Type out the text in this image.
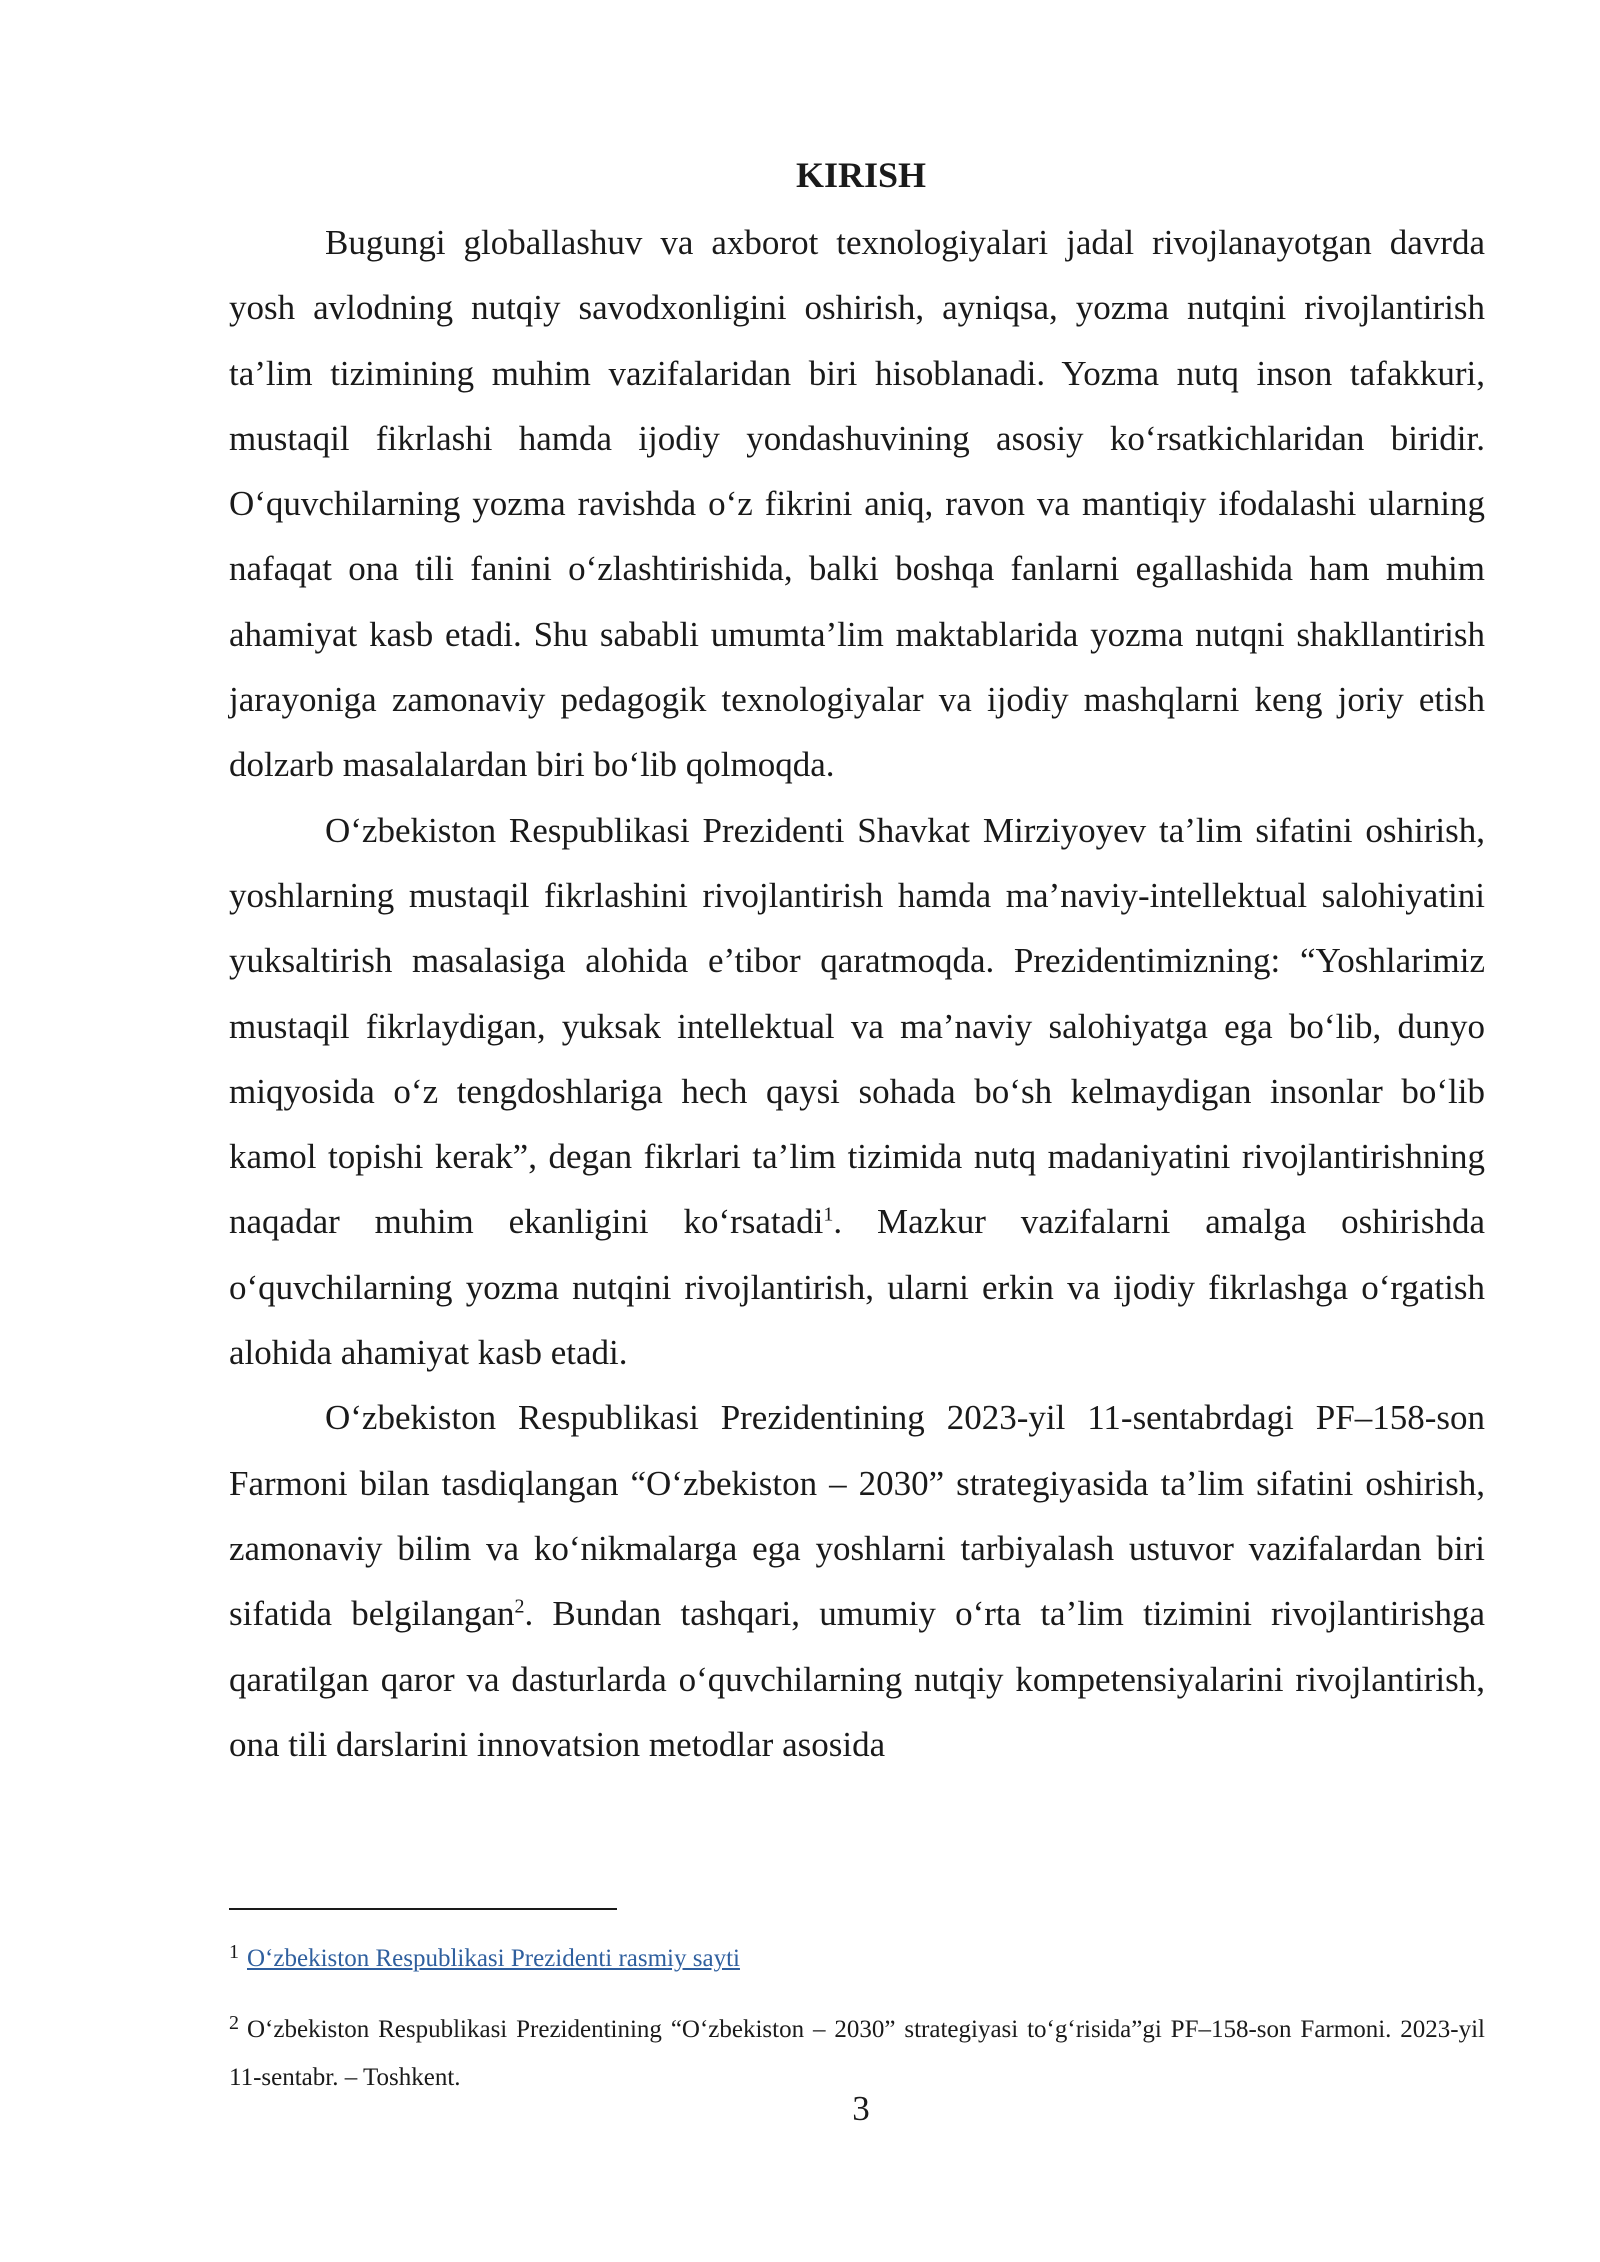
KIRISH

Bugungi globallashuv va axborot texnologiyalari jadal rivojlanayotgan davrda yosh avlodning nutqiy savodxonligini oshirish, ayniqsa, yozma nutqini rivojlantirish ta’lim tizimining muhim vazifalaridan biri hisoblanadi. Yozma nutq inson tafakkuri, mustaqil fikrlashi hamda ijodiy yondashuvining asosiy ko‘rsatkichlaridan biridir. O‘quvchilarning yozma ravishda o‘z fikrini aniq, ravon va mantiqiy ifodalashi ularning nafaqat ona tili fanini o‘zlashtirishida, balki boshqa fanlarni egallashida ham muhim ahamiyat kasb etadi. Shu sababli umumta’lim maktablarida yozma nutqni shakllantirish jarayoniga zamonaviy pedagogik texnologiyalar va ijodiy mashqlarni keng joriy etish dolzarb masalalardan biri bo‘lib qolmoqda.

O‘zbekiston Respublikasi Prezidenti Shavkat Mirziyoyev ta’lim sifatini oshirish, yoshlarning mustaqil fikrlashini rivojlantirish hamda ma’naviy-intellektual salohiyatini yuksaltirish masalasiga alohida e’tibor qaratmoqda. Prezidentimizning: “Yoshlarimiz mustaqil fikrlaydigan, yuksak intellektual va ma’naviy salohiyatga ega bo‘lib, dunyo miqyosida o‘z tengdoshlariga hech qaysi sohada bo‘sh kelmaydigan insonlar bo‘lib kamol topishi kerak”, degan fikrlari ta’lim tizimida nutq madaniyatini rivojlantirishning naqadar muhim ekanligini ko‘rsatadi$^1$. Mazkur vazifalarni amalga oshirishda o‘quvchilarning yozma nutqini rivojlantirish, ularni erkin va ijodiy fikrlashga o‘rgatish alohida ahamiyat kasb etadi.

O‘zbekiston Respublikasi Prezidentining 2023-yil 11-sentabrdagi PF–158-son Farmoni bilan tasdiqlangan “O‘zbekiston – 2030” strategiyasida ta’lim sifatini oshirish, zamonaviy bilim va ko‘nikmalarga ega yoshlarni tarbiyalash ustuvor vazifalardan biri sifatida belgilangan$^2$. Bundan tashqari, umumiy o‘rta ta’lim tizimini rivojlantirishga qaratilgan qaror va dasturlarda o‘quvchilarning nutqiy kompetensiyalarini rivojlantirish, ona tili darslarini innovatsion metodlar asosida

$^1$ O‘zbekiston Respublikasi Prezidenti rasmiy sayti

$^2$ O‘zbekiston Respublikasi Prezidentining “O‘zbekiston – 2030” strategiyasi to‘g‘risida”gi PF–158-son Farmoni. 2023-yil 11-sentabr. – Toshkent.

3
